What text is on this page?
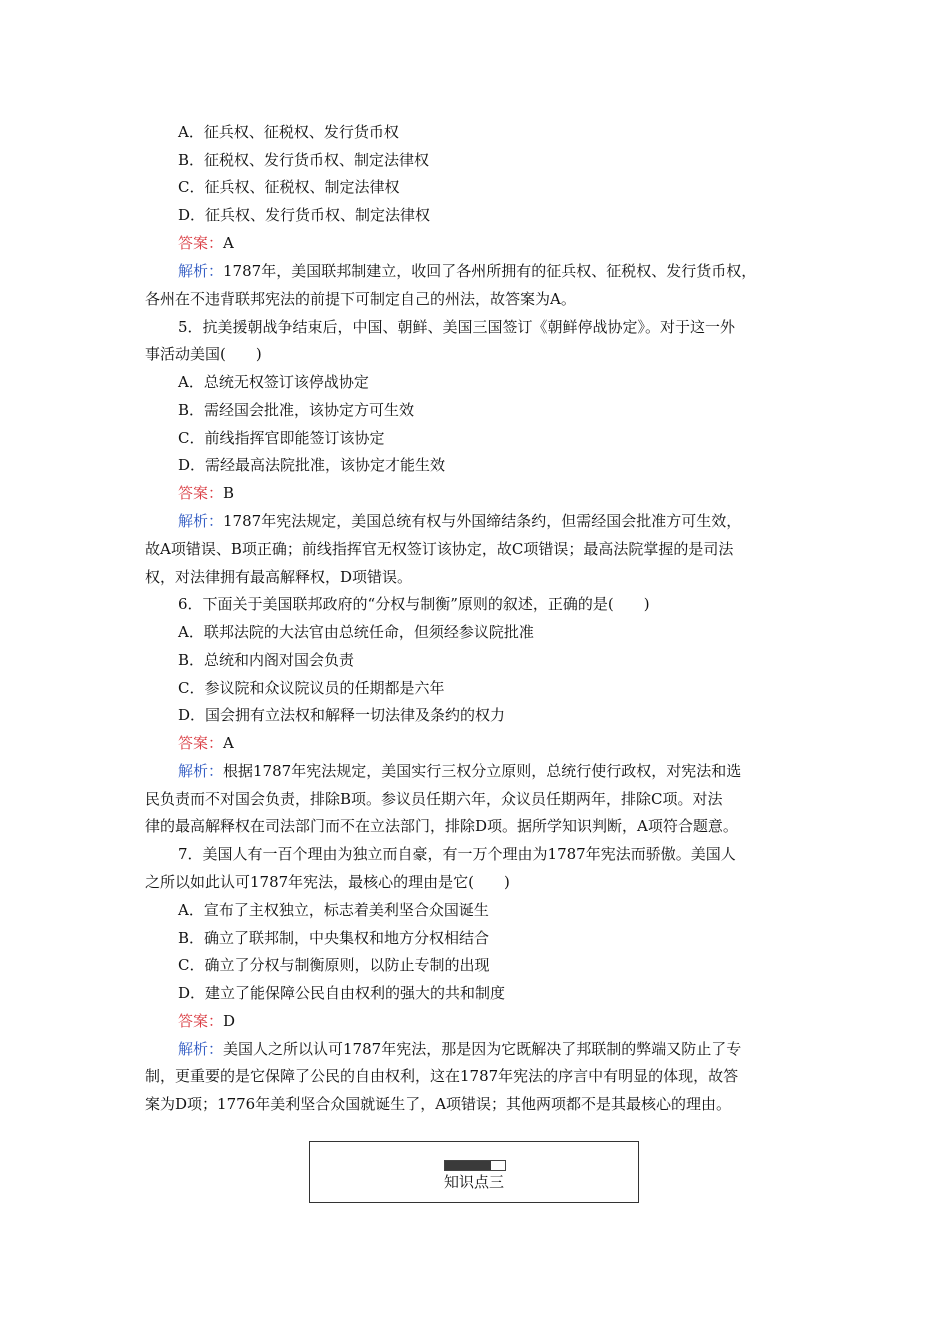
A．征兵权、征税权、发行货币权
B．征税权、发行货币权、制定法律权
C．征兵权、征税权、制定法律权
D．征兵权、发行货币权、制定法律权
答案：A
解析：1787年，美国联邦制建立，收回了各州所拥有的征兵权、征税权、发行货币权，
各州在不违背联邦宪法的前提下可制定自己的州法，故答案为A。
5．抗美援朝战争结束后，中国、朝鲜、美国三国签订《朝鲜停战协定》。对于这一外
事活动美国(　　)
A．总统无权签订该停战协定
B．需经国会批准，该协定方可生效
C．前线指挥官即能签订该协定
D．需经最高法院批准，该协定才能生效
答案：B
解析：1787年宪法规定，美国总统有权与外国缔结条约，但需经国会批准方可生效，
故A项错误、B项正确；前线指挥官无权签订该协定，故C项错误；最高法院掌握的是司法
权，对法律拥有最高解释权，D项错误。
6．下面关于美国联邦政府的“分权与制衡”原则的叙述，正确的是(　　)
A．联邦法院的大法官由总统任命，但须经参议院批准
B．总统和内阁对国会负责
C．参议院和众议院议员的任期都是六年
D．国会拥有立法权和解释一切法律及条约的权力
答案：A
解析：根据1787年宪法规定，美国实行三权分立原则，总统行使行政权，对宪法和选
民负责而不对国会负责，排除B项。参议员任期六年，众议员任期两年，排除C项。对法
律的最高解释权在司法部门而不在立法部门，排除D项。据所学知识判断，A项符合题意。
7．美国人有一百个理由为独立而自豪，有一万个理由为1787年宪法而骄傲。美国人
之所以如此认可1787年宪法，最核心的理由是它(　　)
A．宣布了主权独立，标志着美利坚合众国诞生
B．确立了联邦制，中央集权和地方分权相结合
C．确立了分权与制衡原则，以防止专制的出现
D．建立了能保障公民自由权利的强大的共和制度
答案：D
解析：美国人之所以认可1787年宪法，那是因为它既解决了邦联制的弊端又防止了专
制，更重要的是它保障了公民的自由权利，这在1787年宪法的序言中有明显的体现，故答
案为D项；1776年美利坚合众国就诞生了，A项错误；其他两项都不是其最核心的理由。
知识点三
